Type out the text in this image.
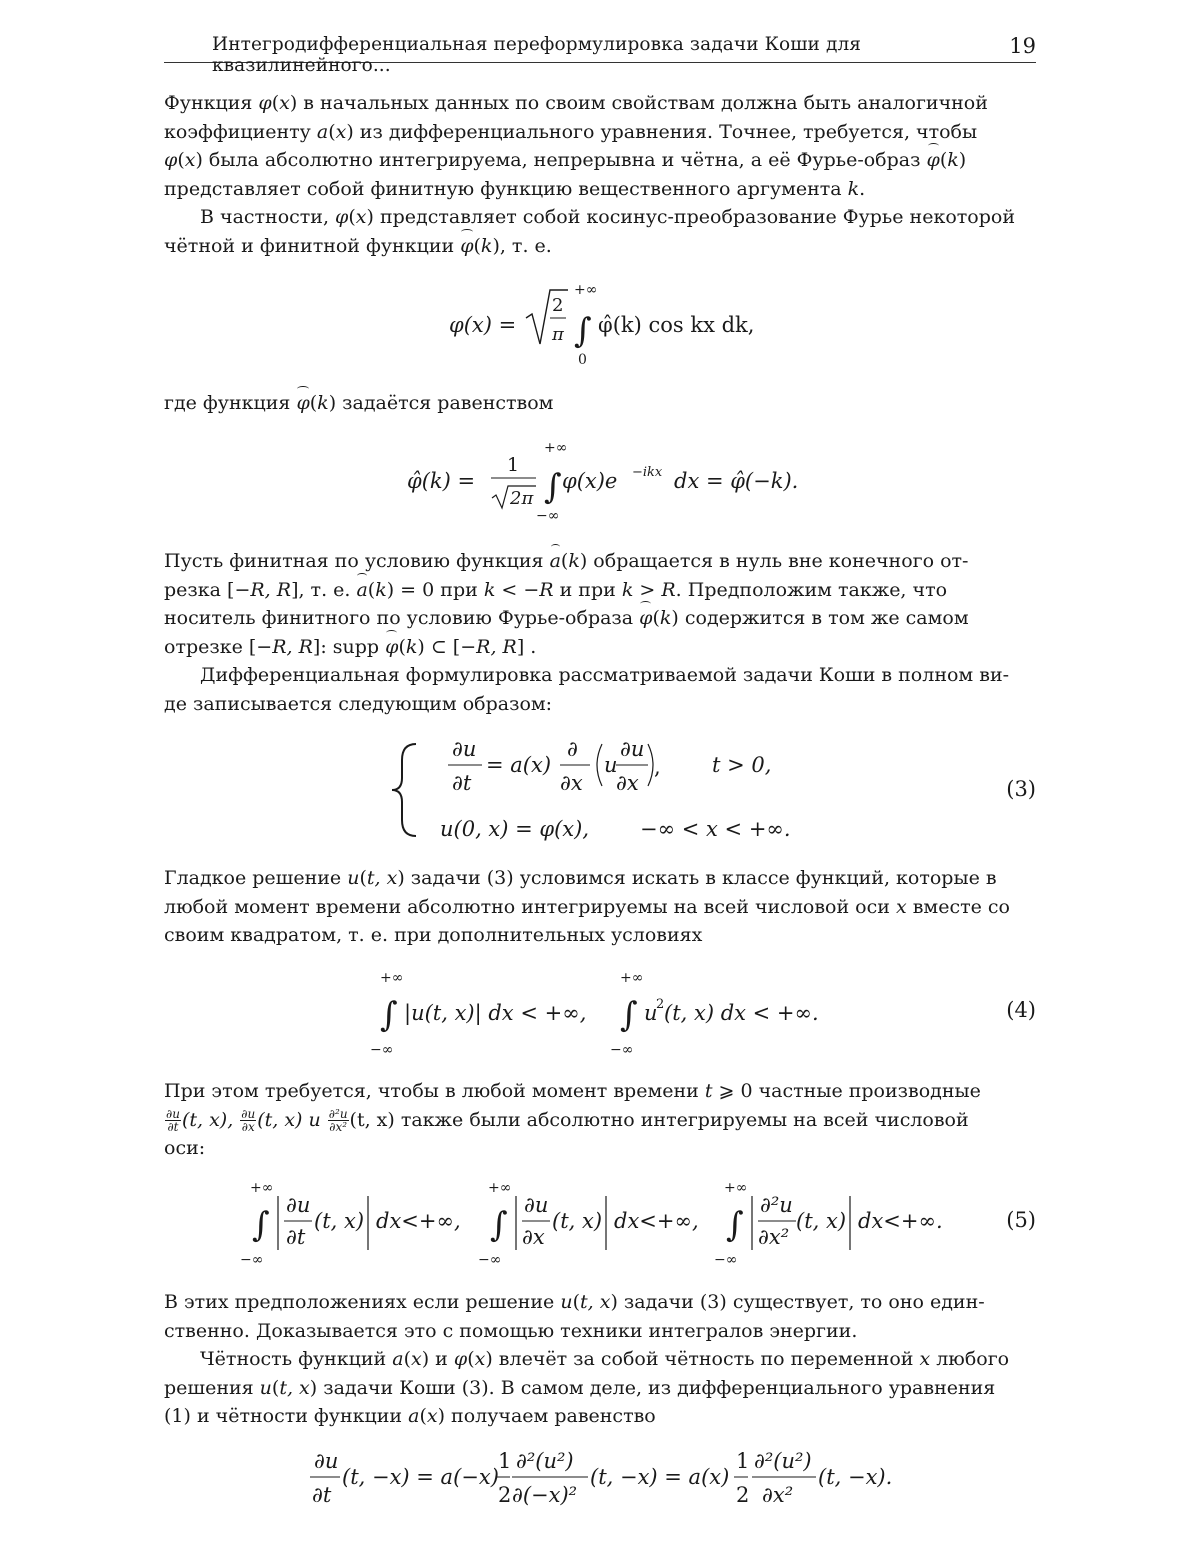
Интегродифференциальная переформулировка задачи Коши для квазилинейного...
19

Функция φ(x) в начальных данных по своим свойствам должна быть аналогичной

коэффициенту a(x) из дифференциального уравнения. Точнее, требуется, чтобы

φ(x) была абсолютно интегрируема, непрерывна и чётна, а её Фурье-образ φ(k)

представляет собой финитную функцию вещественного аргумента k.

В частности, φ(x) представляет собой косинус-преобразование Фурье некоторой

чётной и финитной функции φ(k), т. е.

φ(x) =
2
π
+∞
∫
0
φ̂(k) cos kx dk,

где функция φ(k) задаётся равенством

φ̂(k) =
1
2π
+∞
∫
−∞
φ(x)e −ikx dx = φ̂(−k).

Пусть финитная по условию функция a(k) обращается в нуль вне конечного от-

резка [−R, R], т. е. a(k) = 0 при k < −R и при k > R. Предположим также, что

носитель финитного по условию Фурье-образа φ(k) содержится в том же самом

отрезке [−R, R]: supp φ(k) ⊂ [−R, R] .

Дифференциальная формулировка рассматриваемой задачи Коши в полном ви-

де записывается следующим образом:

∂u
∂t
= a(x)
∂
∂x
u
∂u
∂x
, t > 0,
u(0, x) = φ(x), −∞ < x < +∞.
(3)

Гладкое решение u(t, x) задачи (3) условимся искать в классе функций, которые в

любой момент времени абсолютно интегрируемы на всей числовой оси x вместе со

своим квадратом, т. е. при дополнительных условиях

+∞
∫
−∞
|u(t, x)| dx < +∞,
+∞
∫
−∞
u
2 (t, x) dx < +∞.	(4)

При этом требуется, чтобы в любой момент времени t ⩾ 0 частные производные

∂u
∂t (t, x), ∂u
∂x (t, x) и ∂²u
∂x² (t, x) также были абсолютно интегрируемы на всей числовой

оси:

+∞
∫
−∞
∂u
∂t
(t, x) dx<+∞,
+∞
∫
−∞
∂u
∂x
(t, x) dx<+∞,
+∞
∫
−∞
∂²u
∂x²
(t, x) dx<+∞.	(5)

В этих предположениях если решение u(t, x) задачи (3) существует, то оно един-

ственно. Доказывается это с помощью техники интегралов энергии.

Чётность функций a(x) и φ(x) влечёт за собой чётность по переменной x любого

решения u(t, x) задачи Коши (3). В самом деле, из дифференциального уравнения

(1) и чётности функции a(x) получаем равенство

∂u
∂t
(t, −x) = a(−x)
1
2
∂²(u²)
∂(−x)²
(t, −x) = a(x)
1
2
∂²(u²)
∂x²
(t, −x).
